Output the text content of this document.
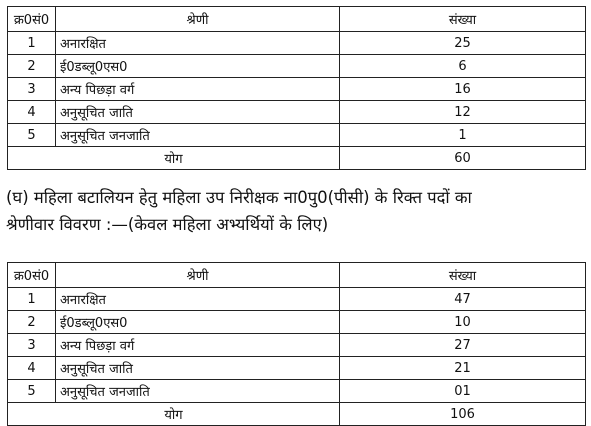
क्र0सं0	श्रेणी	संख्या
1	अनारक्षित	25
2	ई0डब्लू0एस0	6
3	अन्य पिछड़ा वर्ग	16
4	अनुसूचित जाति	12
5	अनुसूचित जनजाति	1
योग		60
(घ) महिला बटालियन हेतु महिला उप निरीक्षक ना0पु0(पीसी) के रिक्त पदों का
श्रेणीवार विवरण :—(केवल महिला अभ्यर्थियों के लिए)
क्र0सं0	श्रेणी	संख्या
1	अनारक्षित	47
2	ई0डब्लू0एस0	10
3	अन्य पिछड़ा वर्ग	27
4	अनुसूचित जाति	21
5	अनुसूचित जनजाति	01
योग		106
